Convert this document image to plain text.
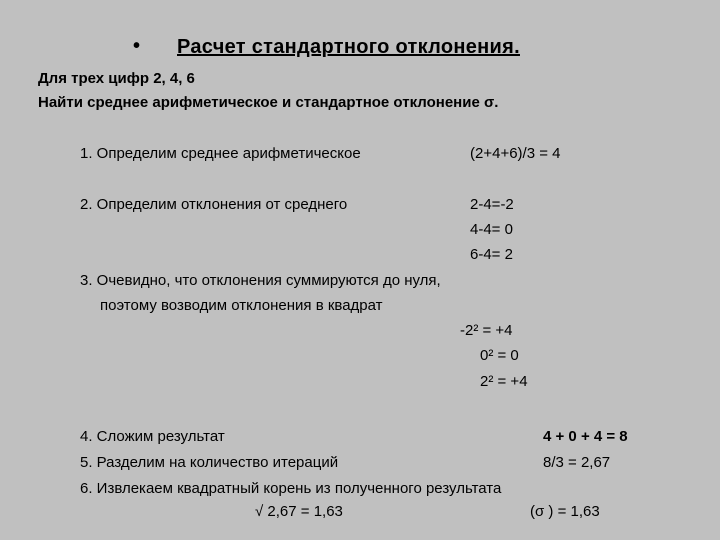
• Расчет стандартного отклонения.
Для трех цифр 2, 4, 6
Найти среднее арифметическое и стандартное отклонение σ.
1. Определим среднее арифметическое	(2+4+6)/3 = 4
2. Определим отклонения от среднего	2-4=-2
4-4= 0
6-4= 2
3. Очевидно, что отклонения суммируются до нуля,
поэтому возводим отклонения в квадрат
-2² = +4
0² = 0
2² = +4
4. Сложим результат	4 + 0 + 4 = 8
5. Разделим на количество итераций	8/3 = 2,67
6. Извлекаем квадратный корень из полученного результата
√ 2,67 = 1,63	(σ ) = 1,63
